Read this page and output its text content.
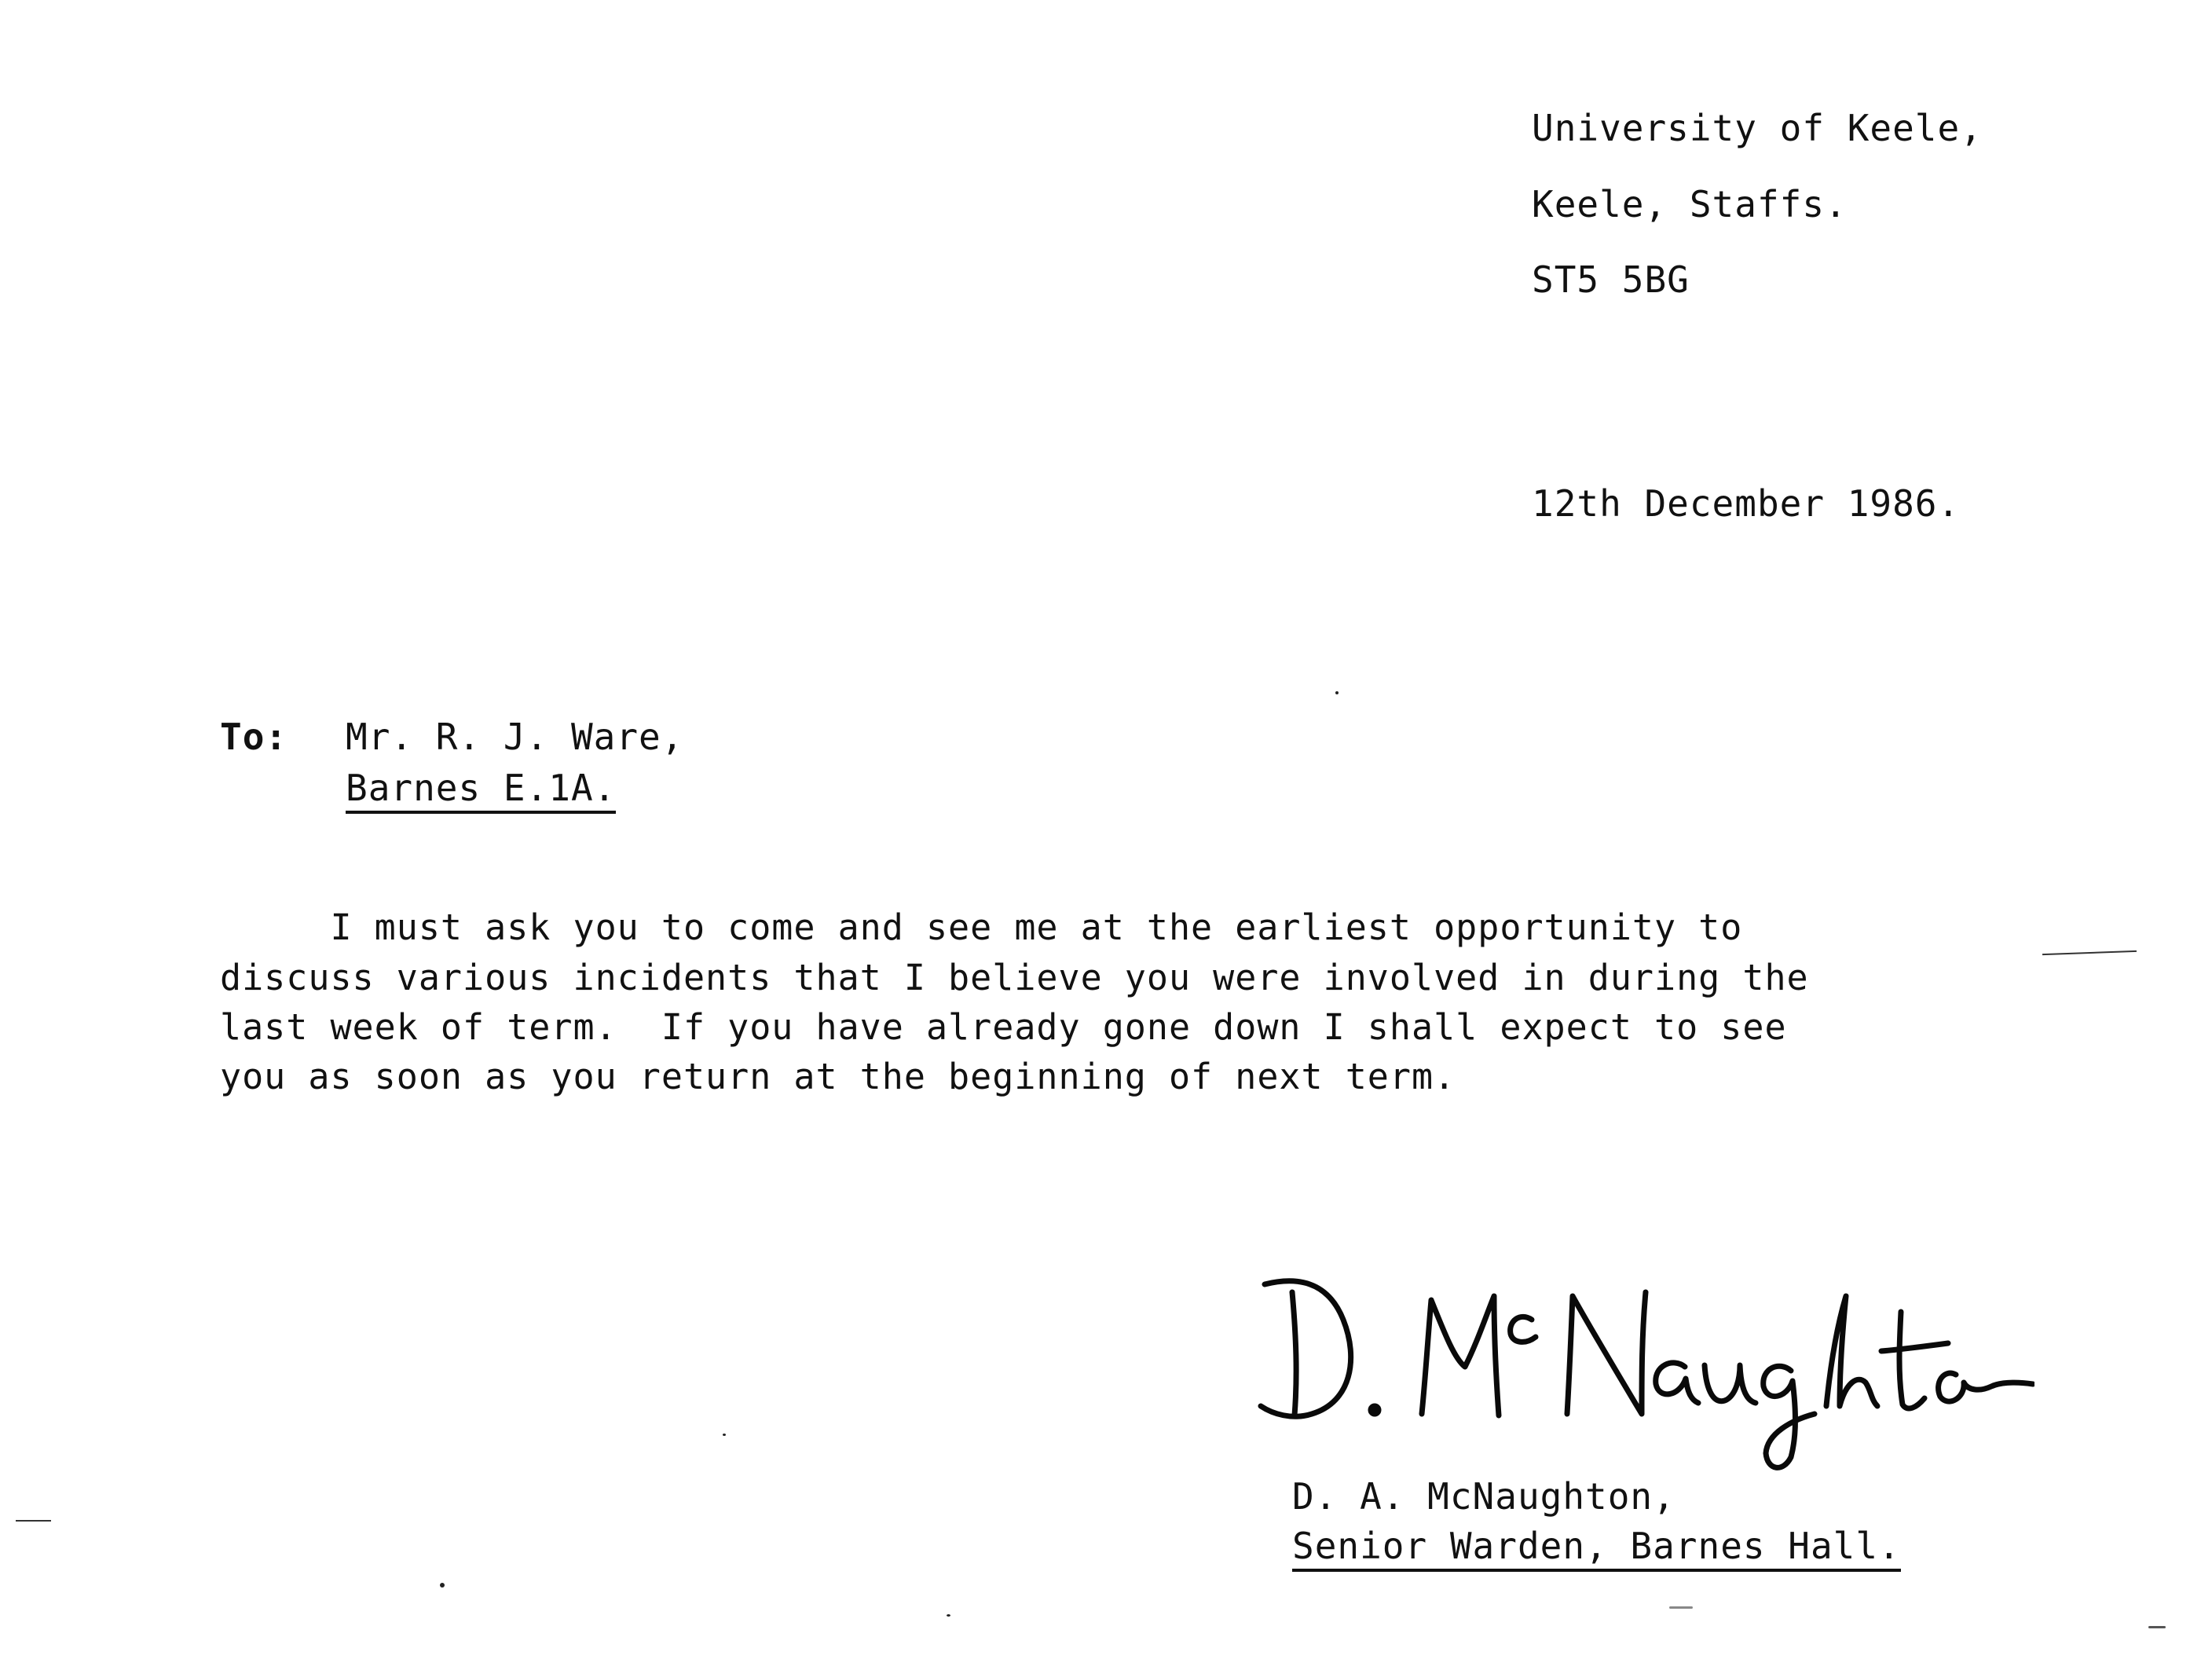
University of Keele,
Keele, Staffs.
ST5 5BG
12th December 1986.
To: Mr. R. J. Ware,
Barnes E.1A.
I must ask you to come and see me at the earliest opportunity to
discuss various incidents that I believe you were involved in during the
last week of term.  If you have already gone down I shall expect to see
you as soon as you return at the beginning of next term.
D. A. McNaughton,
Senior Warden, Barnes Hall.
